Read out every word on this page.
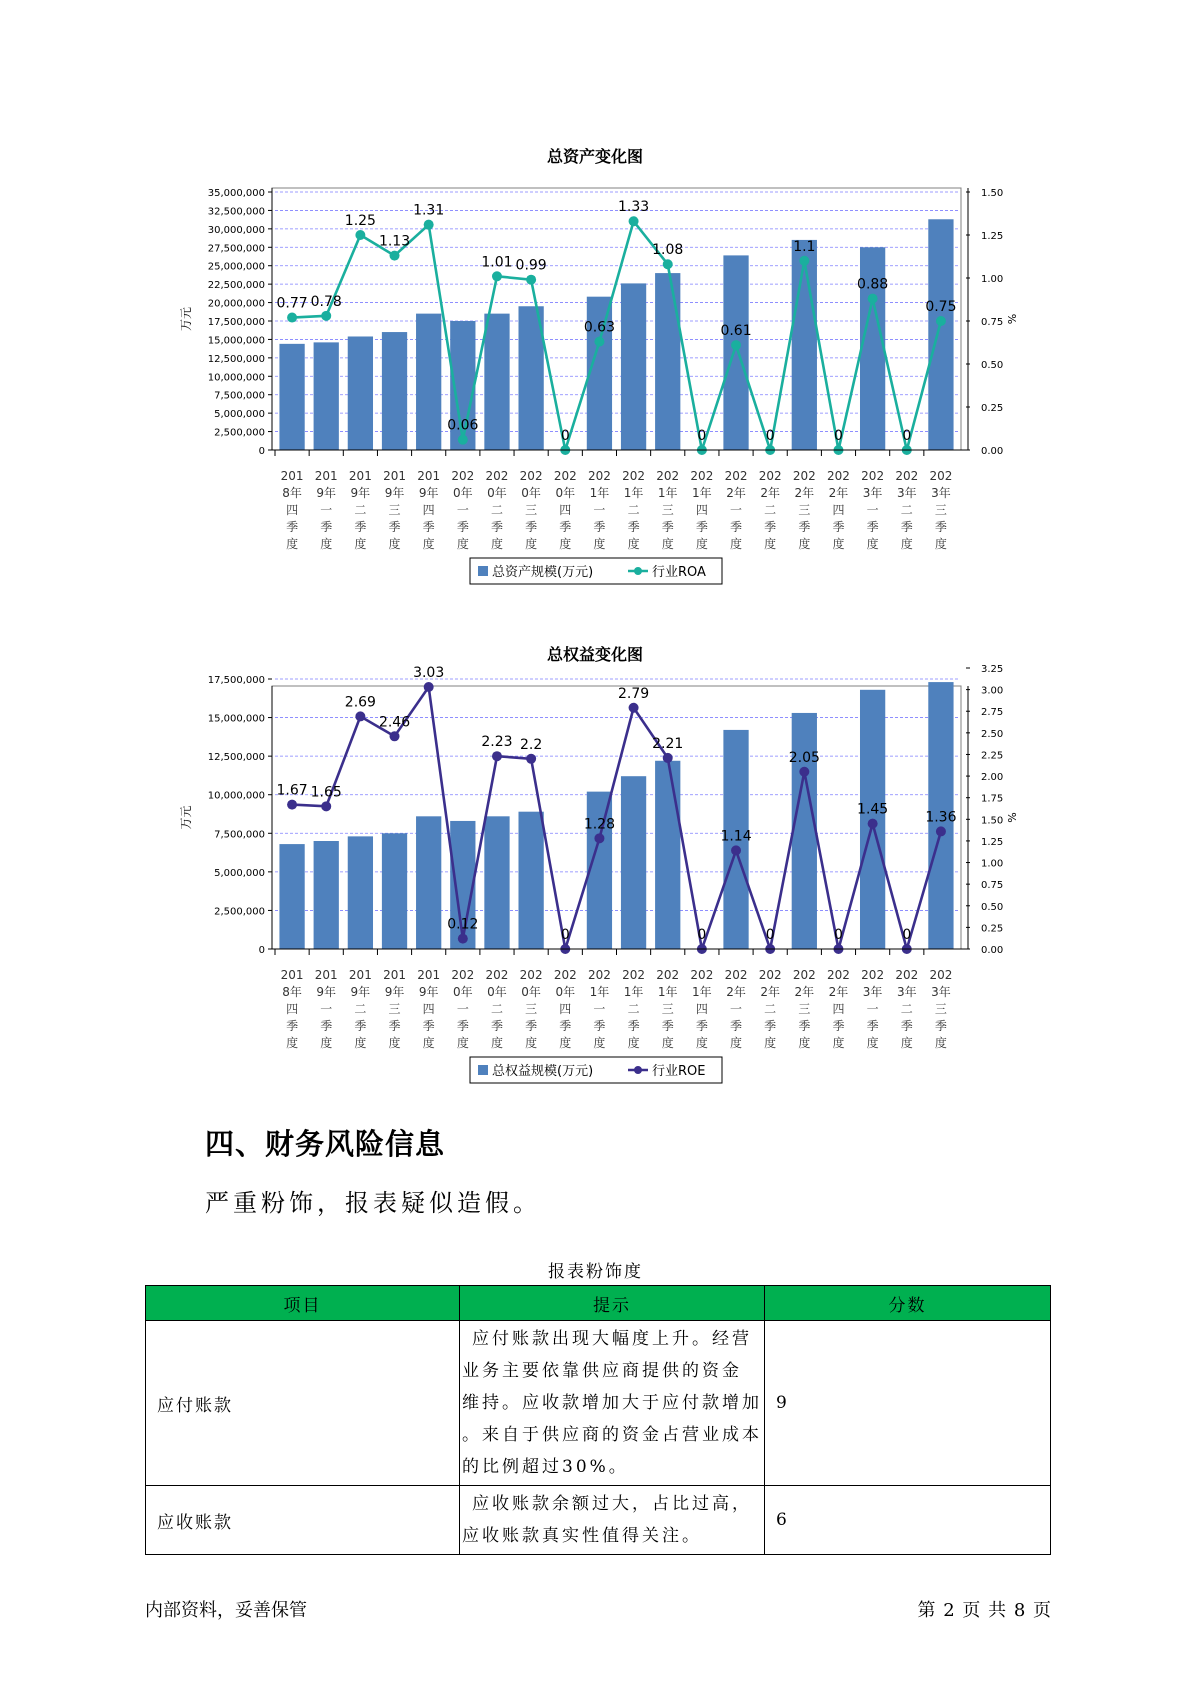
总资产变化图
35,000,000
32,500,000
30,000,000
27,500,000
25,000,000
22,500,000
20,000,000
17,500,000
15,000,000
12,500,000
10,000,000
7,500,000
5,000,000
2,500,000
0
1.50
1.25
1.00
0.75
0.50
0.25
0.00
万元	%
0.77 0.78
1.25
1.13
1.31
0.06
1.01 0.99
0
0.63
1.33
1.08
0
0.61
0
1.1
0
0.88
0
0.75
201
8年
四
季
度
201
9年
一
季
度
201
9年
二
季
度
201
9年
三
季
度
201
9年
四
季
度
202
0年
一
季
度
202
0年
二
季
度
202
0年
三
季
度
202
0年
四
季
度
202
1年
一
季
度
202
1年
二
季
度
202
1年
三
季
度
202
1年
四
季
度
202
2年
一
季
度
202
2年
二
季
度
202
2年
三
季
度
202
2年
四
季
度
202
3年
一
季
度
202
3年
二
季
度
202
3年
三
季
度
总资产规模(万元)	行业ROA
总权益变化图
17,500,000
15,000,000
12,500,000
10,000,000
7,500,000
5,000,000
2,500,000
0
3.25
3.00
2.75
2.50
2.25
2.00
1.75
1.50
1.25
1.00
0.75
0.50
0.25
0.00
万元	%
1.67 1.65
2.69
2.46
3.03
0.12
2.23 2.2
0
1.28
2.79
2.21
0
1.14
0
2.05
0
1.45
0
1.36
201
8年
四
季
度
201
9年
一
季
度
201
9年
二
季
度
201
9年
三
季
度
201
9年
四
季
度
202
0年
一
季
度
202
0年
二
季
度
202
0年
三
季
度
202
0年
四
季
度
202
1年
一
季
度
202
1年
二
季
度
202
1年
三
季
度
202
1年
四
季
度
202
2年
一
季
度
202
2年
二
季
度
202
2年
三
季
度
202
2年
四
季
度
202
3年
一
季
度
202
3年
二
季
度
202
3年
三
季
度
总权益规模(万元)	行业ROE
四、财务风险信息
严重粉饰，报表疑似造假。
报表粉饰度
项目	提示	分数
应付账款	应付账款出现大幅度上升。经营
业务主要依靠供应商提供的资金
维持。应收款增加大于应付款增加
。来自于供应商的资金占营业成本
的比例超过30%。	9
应收账款	应收账款余额过大，占比过高，
应收账款真实性值得关注。	6
内部资料，妥善保管	第 2 页 共 8 页
